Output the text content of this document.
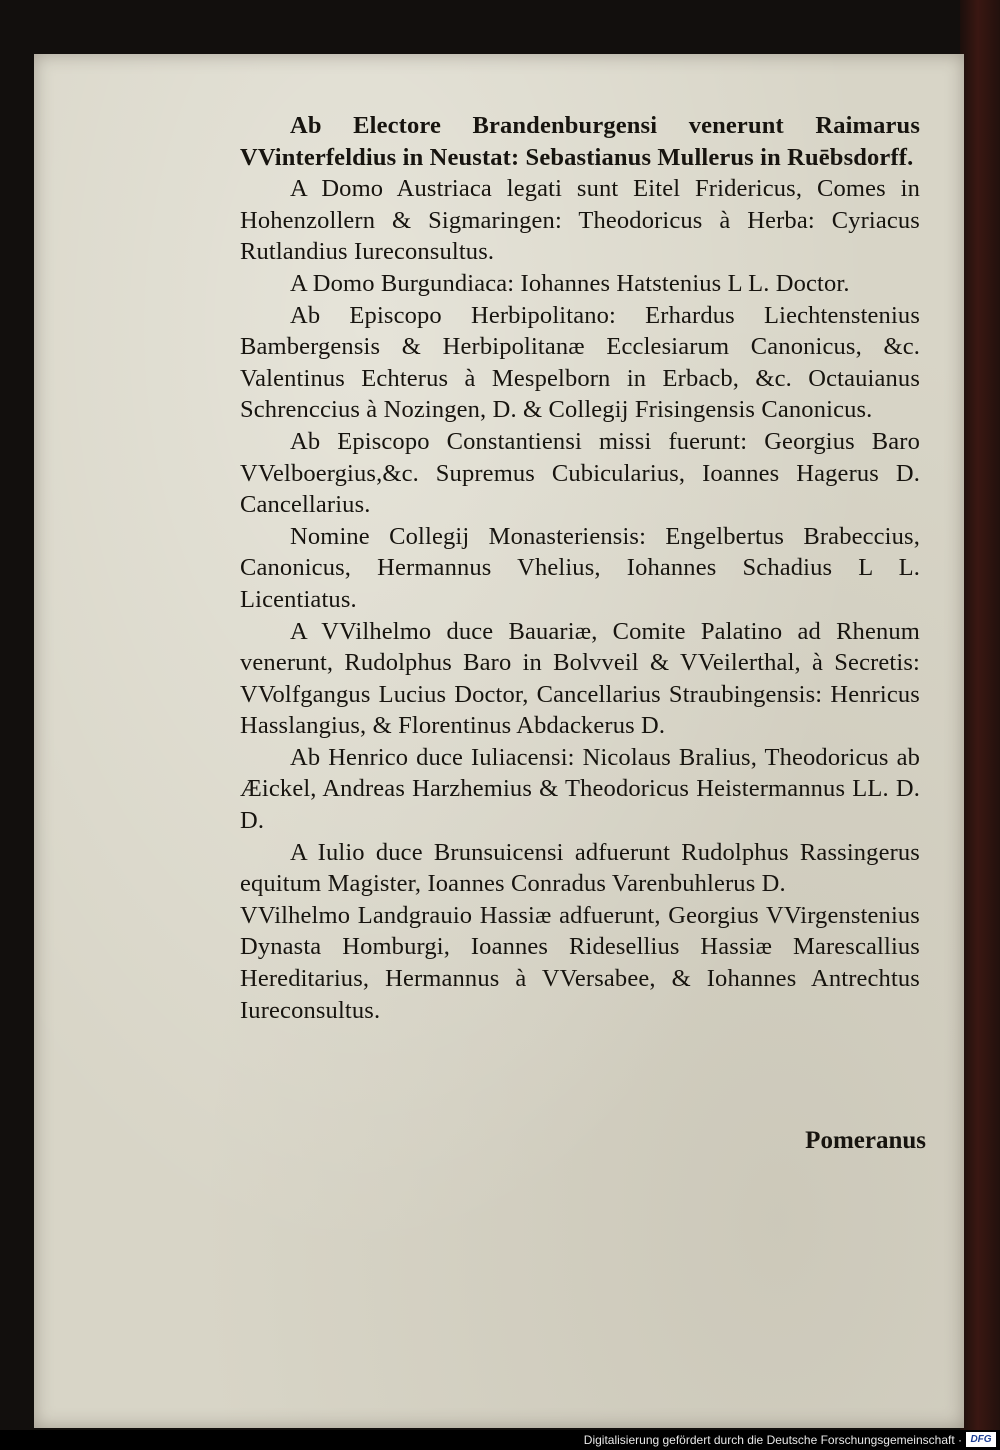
Ab Electore Brandenburgensi venerunt Raimarus VVinterfeldius in Neustat: Sebastianus Mullerus in Ruēbsdorff.

A Domo Austriaca legati sunt Eitel Fridericus, Comes in Hohenzollern & Sigmaringen: Theodoricus à Herba: Cyriacus Rutlandius Iureconsultus.

A Domo Burgundiaca: Iohannes Hatstenius L L. Doctor.

Ab Episcopo Herbipolitano: Erhardus Liechtenstenius Bambergensis & Herbipolitanæ Ecclesiarum Canonicus, &c. Valentinus Echterus à Mespelborn in Erbacb, &c. Octauianus Schrenccius à Nozingen, D. & Collegij Frisingensis Canonicus.

Ab Episcopo Constantiensi missi fuerunt: Georgius Baro VVelboergius,&c. Supremus Cubicularius, Ioannes Hagerus D. Cancellarius.

Nomine Collegij Monasteriensis: Engelbertus Brabeccius, Canonicus, Hermannus Vhelius, Iohannes Schadius L L. Licentiatus.

A VVilhelmo duce Bauariæ, Comite Palatino ad Rhenum venerunt, Rudolphus Baro in Bolvveil & VVeilerthal, à Secretis: VVolfgangus Lucius Doctor, Cancellarius Straubingensis: Henricus Hasslangius, & Florentinus Abdackerus D.

Ab Henrico duce Iuliacensi: Nicolaus Bralius, Theodoricus ab Æickel, Andreas Harzhemius & Theodoricus Heistermannus LL. D. D.

A Iulio duce Brunsuicensi adfuerunt Rudolphus Rassingerus equitum Magister, Ioannes Conradus Varenbuhlerus D.

VVilhelmo Landgrauio Hassiæ adfuerunt, Georgius VVirgenstenius Dynasta Homburgi, Ioannes Ridesellius Hassiæ Marescallius Hereditarius, Hermannus à VVersabee, & Iohannes Antrechtus Iureconsultus.

Pomeranus
Digitalisierung gefördert durch die Deutsche Forschungsgemeinschaft · DFG
